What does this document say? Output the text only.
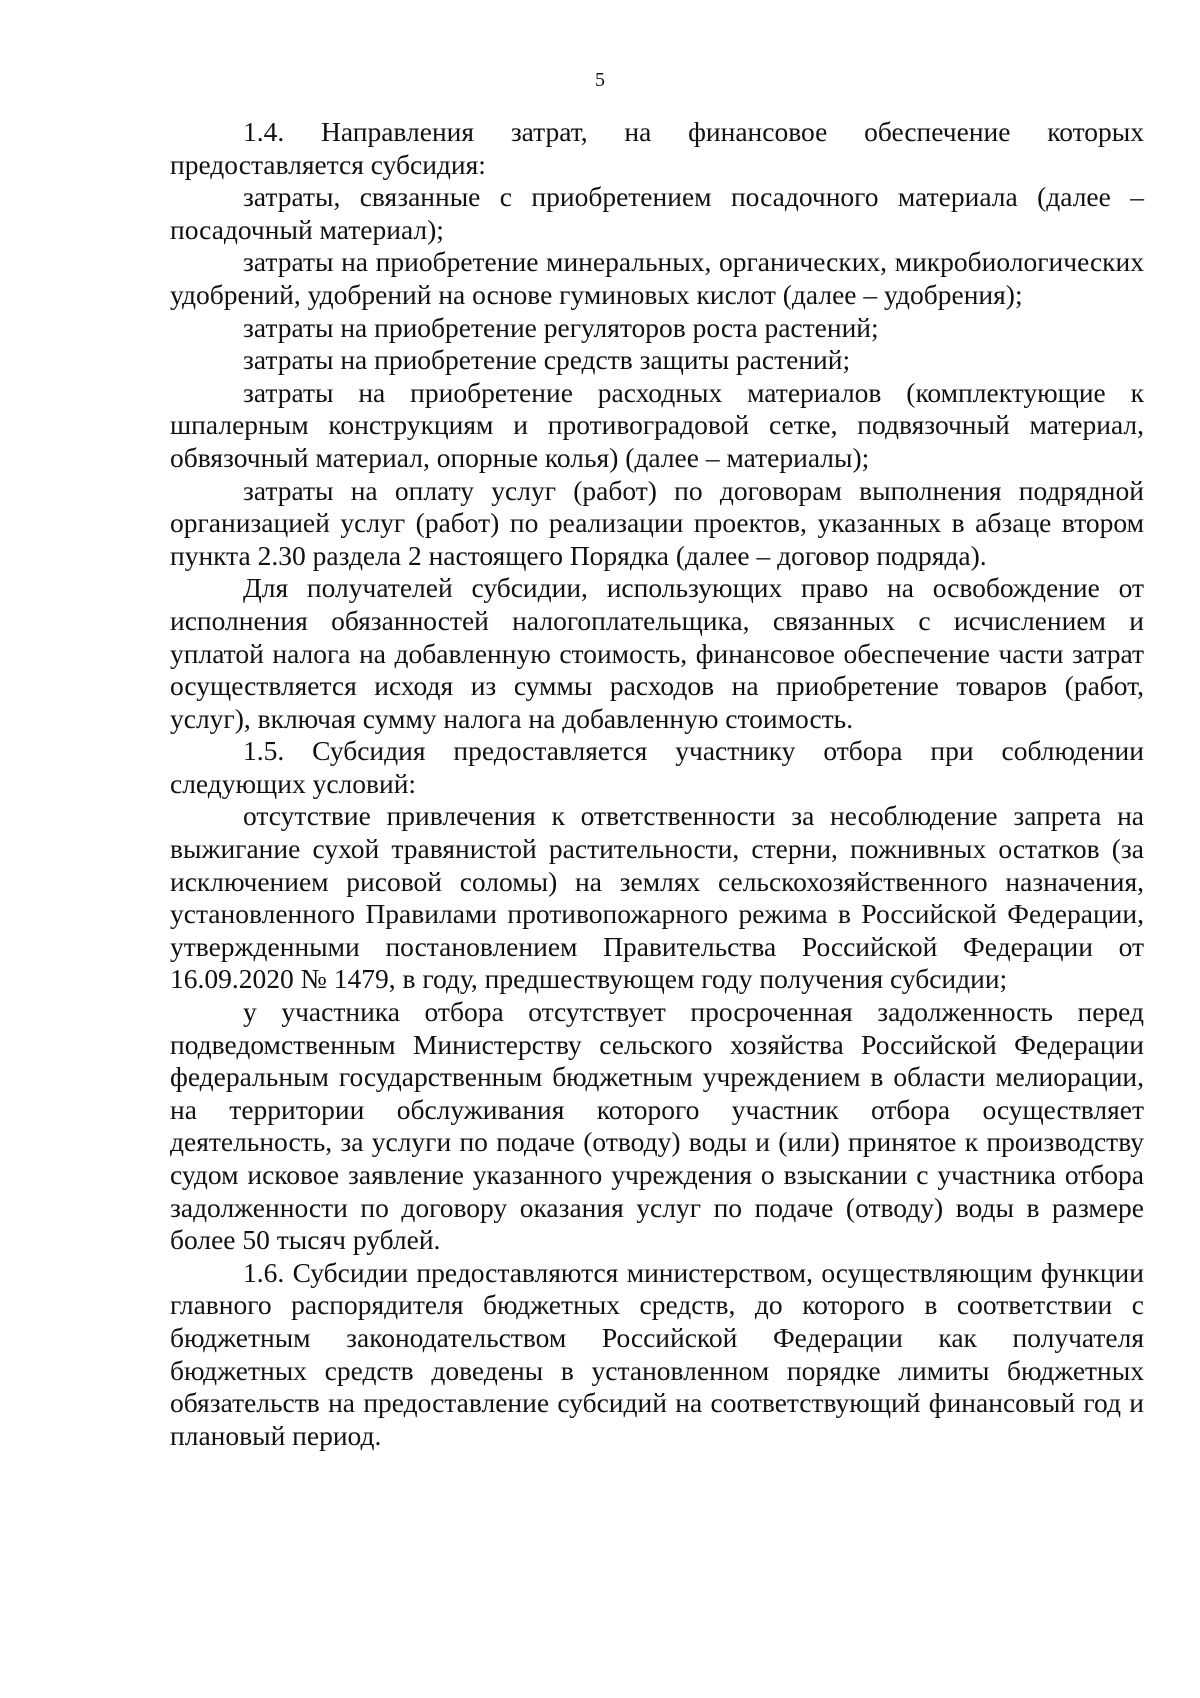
5

1.4. Направления затрат, на финансовое обеспечение которых предоставляется субсидия:

затраты, связанные с приобретением посадочного материала (далее – посадочный материал);

затраты на приобретение минеральных, органических, микробиологических удобрений, удобрений на основе гуминовых кислот (далее – удобрения);

затраты на приобретение регуляторов роста растений;

затраты на приобретение средств защиты растений;

затраты на приобретение расходных материалов (комплектующие к шпалерным конструкциям и противоградовой сетке, подвязочный материал, обвязочный материал, опорные колья) (далее – материалы);

затраты на оплату услуг (работ) по договорам выполнения подрядной организацией услуг (работ) по реализации проектов, указанных в абзаце втором пункта 2.30 раздела 2 настоящего Порядка (далее – договор подряда).

Для получателей субсидии, использующих право на освобождение от исполнения обязанностей налогоплательщика, связанных с исчислением и уплатой налога на добавленную стоимость, финансовое обеспечение части затрат осуществляется исходя из суммы расходов на приобретение товаров (работ, услуг), включая сумму налога на добавленную стоимость.

1.5. Субсидия предоставляется участнику отбора при соблюдении следующих условий:

отсутствие привлечения к ответственности за несоблюдение запрета на выжигание сухой травянистой растительности, стерни, пожнивных остатков (за исключением рисовой соломы) на землях сельскохозяйственного назначения, установленного Правилами противопожарного режима в Российской Федерации, утвержденными постановлением Правительства Российской Федерации от 16.09.2020 № 1479, в году, предшествующем году получения субсидии;

у участника отбора отсутствует просроченная задолженность перед подведомственным Министерству сельского хозяйства Российской Федерации федеральным государственным бюджетным учреждением в области мелиорации, на территории обслуживания которого участник отбора осуществляет деятельность, за услуги по подаче (отводу) воды и (или) принятое к производству судом исковое заявление указанного учреждения о взыскании с участника отбора задолженности по договору оказания услуг по подаче (отводу) воды в размере более 50 тысяч рублей.

1.6. Субсидии предоставляются министерством, осуществляющим функции главного распорядителя бюджетных средств, до которого в соответствии с бюджетным законодательством Российской Федерации как получателя бюджетных средств доведены в установленном порядке лимиты бюджетных обязательств на предоставление субсидий на соответствующий финансовый год и плановый период.
